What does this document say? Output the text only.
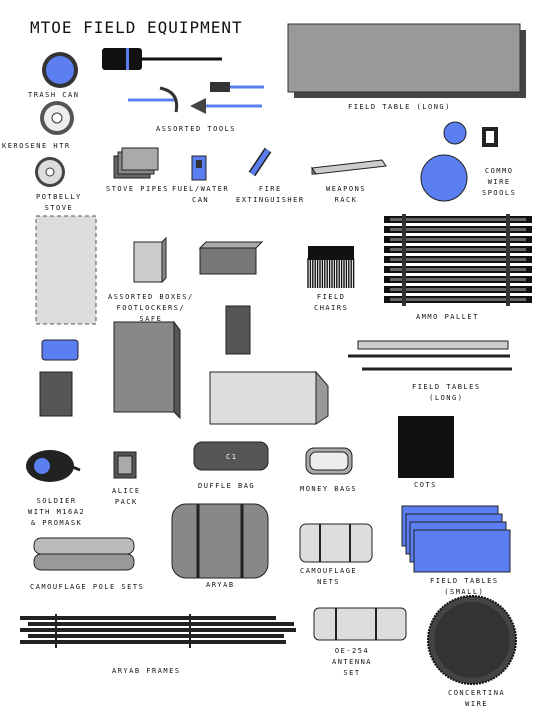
MTOE FIELD EQUIPMENT
TRASH CAN
FIELD TABLE (LONG)
ASSORTED TOOLS
KEROSENE HTR
POTBELLY
STOVE
STOVE PIPES FUEL/WATER
CAN
FIRE
EXTINGUISHER
WEAPONS
RACK
COMMO
WIRE
SPOOLS
ASSORTED BOXES/
FOOTLOCKERS/
SAFE
FIELD
CHAIRS
AMMO PALLET
FIELD TABLES
(LONG)
C1
DUFFLE BAG	MONEY BAGS	COTS
ALICE
PACK
SOLDIER
WITH M16A2
& PROMASK
CAMOUFLAGE POLE SETS	ARYAB
CAMOUFLAGE
NETS	FIELD TABLES
(SMALL)
ARYAB FRAMES
OE-254
ANTENNA
SET
CONCERTINA
WIRE
